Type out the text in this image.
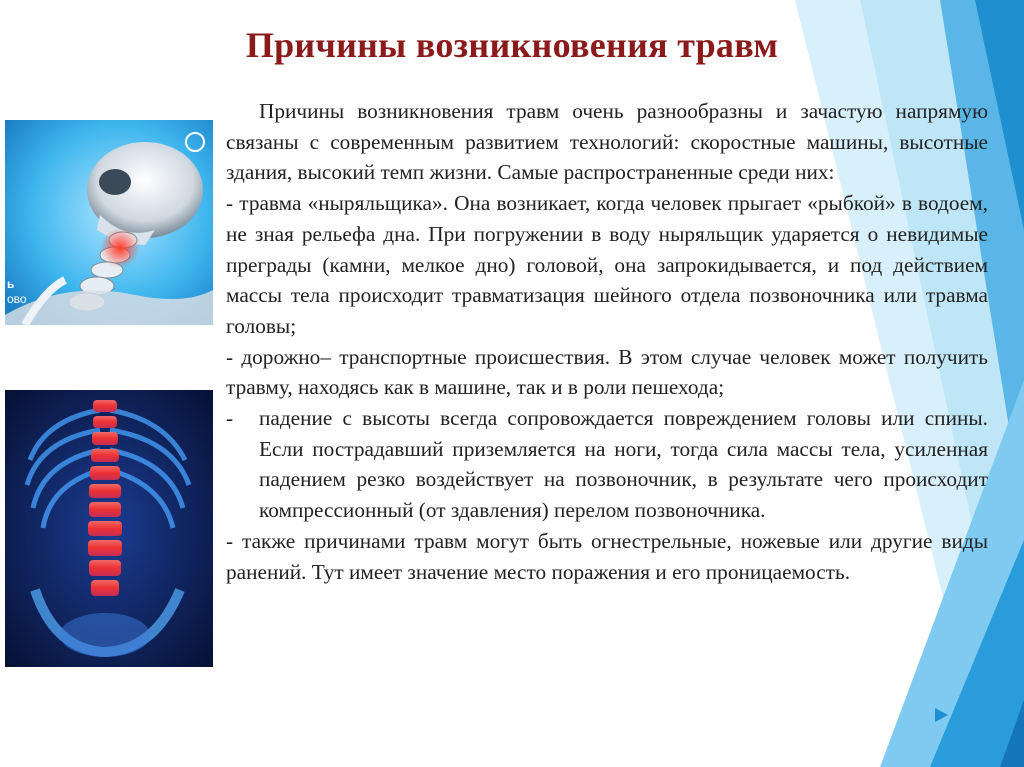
Причины возникновения травм
ь
ово

Причины возникновения травм очень разнообразны и зачастую напрямую связаны с современным развитием технологий: скоростные машины, высотные здания, высокий темп жизни. Самые распространенные среди них:

- травма «ныряльщика». Она возникает, когда человек прыгает «рыбкой» в водоем, не зная рельефа дна. При погружении в воду ныряльщик ударяется о невидимые преграды (камни, мелкое дно) головой, она запрокидывается, и под действием массы тела происходит травматизация шейного отдела позвоночника или травма головы;

- дорожно– транспортные происшествия. В этом случае человек может получить травму, находясь как в машине, так и в роли пешехода;

- падение с высоты всегда сопровождается повреждением головы или спины. Если пострадавший приземляется на ноги, тогда сила массы тела, усиленная падением резко воздействует на позвоночник, в результате чего происходит компрессионный (от здавления) перелом позвоночника.

- также причинами травм могут быть огнестрельные, ножевые или другие виды ранений. Тут имеет значение место поражения и его проницаемость.
